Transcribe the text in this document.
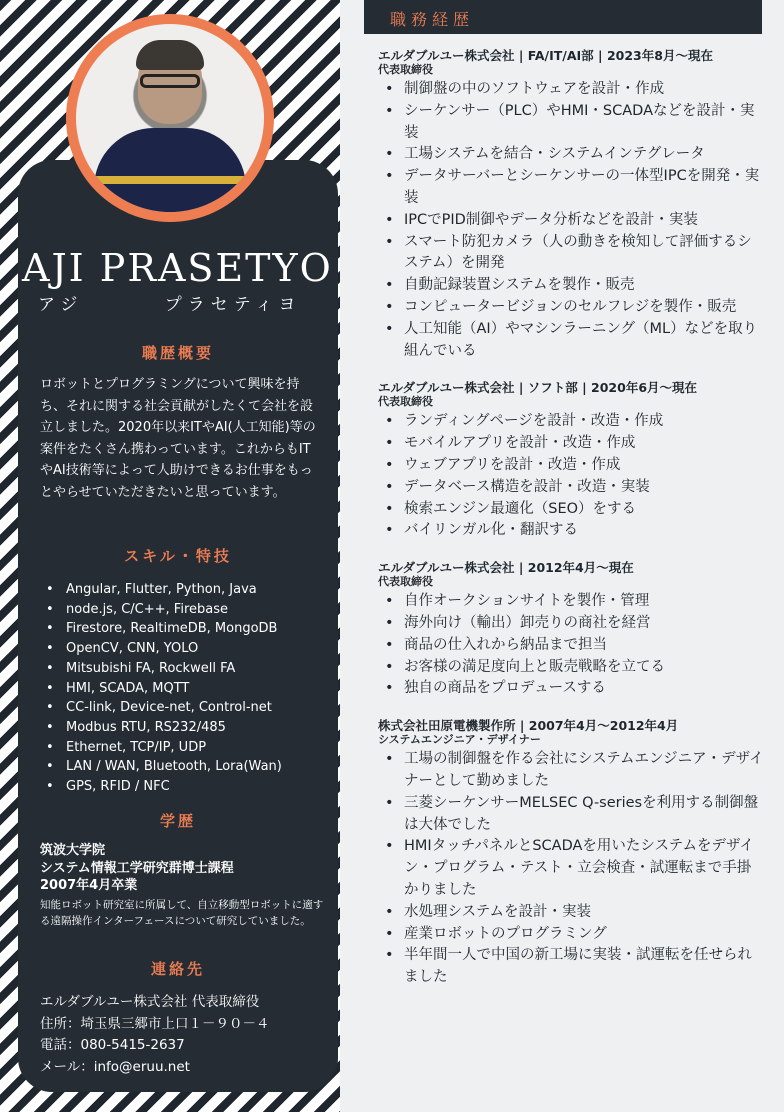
AJI PRASETYO
アジ	プラセティヨ
職歴概要
ロボットとプログラミングについて興味を持ち、それに関する社会貢献がしたくて会社を設立しました。2020年以来ITやAI(人工知能)等の案件をたくさん携わっています。これからもITやAI技術等によって人助けできるお仕事をもっとやらせていただきたいと思っています。
スキル・特技
• Angular, Flutter, Python, Java
• node.js, C/C++, Firebase
• Firestore, RealtimeDB, MongoDB
• OpenCV, CNN, YOLO
• Mitsubishi FA, Rockwell FA
• HMI, SCADA, MQTT
• CC-link, Device-net, Control-net
• Modbus RTU, RS232/485
• Ethernet, TCP/IP, UDP
• LAN / WAN, Bluetooth, Lora(Wan)
• GPS, RFID / NFC
学歴
筑波大学院
システム情報工学研究群博士課程
2007年4月卒業
知能ロボット研究室に所属して、自立移動型ロボットに適する遠隔操作インターフェースについて研究していました。
連絡先
エルダブルユー株式会社 代表取締役
住所：埼玉県三郷市上口１－９０－４
電話：080-5415-2637
メール：info@eruu.net
職務経歴
エルダブルユー株式会社 | FA/IT/AI部 | 2023年8月～現在
代表取締役
• 制御盤の中のソフトウェアを設計・作成
• シーケンサー（PLC）やHMI・SCADAなどを設計・実装
• 工場システムを結合・システムインテグレータ
• データサーバーとシーケンサーの一体型IPCを開発・実装
• IPCでPID制御やデータ分析などを設計・実装
• スマート防犯カメラ（人の動きを検知して評価するシステム）を開発
• 自動記録装置システムを製作・販売
• コンピュータービジョンのセルフレジを製作・販売
• 人工知能（AI）やマシンラーニング（ML）などを取り組んでいる
エルダブルユー株式会社 | ソフト部 | 2020年6月～現在
代表取締役
• ランディングページを設計・改造・作成
• モバイルアプリを設計・改造・作成
• ウェブアプリを設計・改造・作成
• データベース構造を設計・改造・実装
• 検索エンジン最適化（SEO）をする
• バイリンガル化・翻訳する
エルダブルユー株式会社 | 2012年4月～現在
代表取締役
• 自作オークションサイトを製作・管理
• 海外向け（輸出）卸売りの商社を経営
• 商品の仕入れから納品まで担当
• お客様の満足度向上と販売戦略を立てる
• 独自の商品をプロデュースする
株式会社田原電機製作所 | 2007年4月～2012年4月
システムエンジニア・デザイナー
• 工場の制御盤を作る会社にシステムエンジニア・デザイナーとして勤めました
• 三菱シーケンサーMELSEC Q-seriesを利用する制御盤は大体でした
• HMIタッチパネルとSCADAを用いたシステムをデザイン・プログラム・テスト・立会検査・試運転まで手掛かりました
• 水処理システムを設計・実装
• 産業ロボットのプログラミング
• 半年間一人で中国の新工場に実装・試運転を任せられました
